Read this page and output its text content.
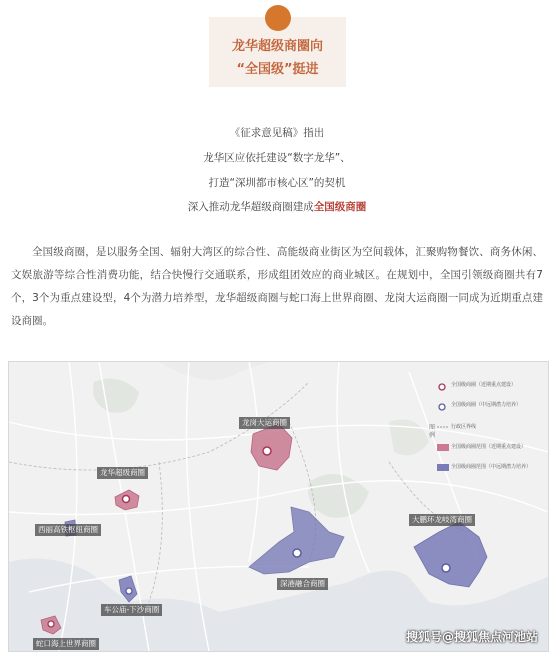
龙华超级商圈向
“全国级”挺进
《征求意见稿》指出
龙华区应依托建设“数字龙华”、
打造“深圳都市核心区”的契机
深入推动龙华超级商圈建成全国级商圈
全国级商圈，是以服务全国、辐射大湾区的综合性、高能级商业街区为空间载体，汇聚购物餐饮、商务休闲、文娱旅游等综合性消费功能，结合快慢行交通联系，形成组团效应的商业城区。在规划中，全国引领级商圈共有7个，3个为重点建设型，4个为潜力培养型，龙华超级商圈与蛇口海上世界商圈、龙岗大运商圈一同成为近期重点建设商圈。
龙岗大运商圈
龙华超级商圈
西丽高铁枢纽商圈
大鹏环龙岐湾商圈
深港融合商圈
车公庙-下沙商圈
蛇口海上世界商圈
图例
全国级商圈（近期重点建设）
全国级商圈（中远期潜力培养）
行政区界线
全国级商圈范围（近期重点建设）
全国级商圈范围（中远期潜力培养）
搜狐号@搜狐焦点河池站
